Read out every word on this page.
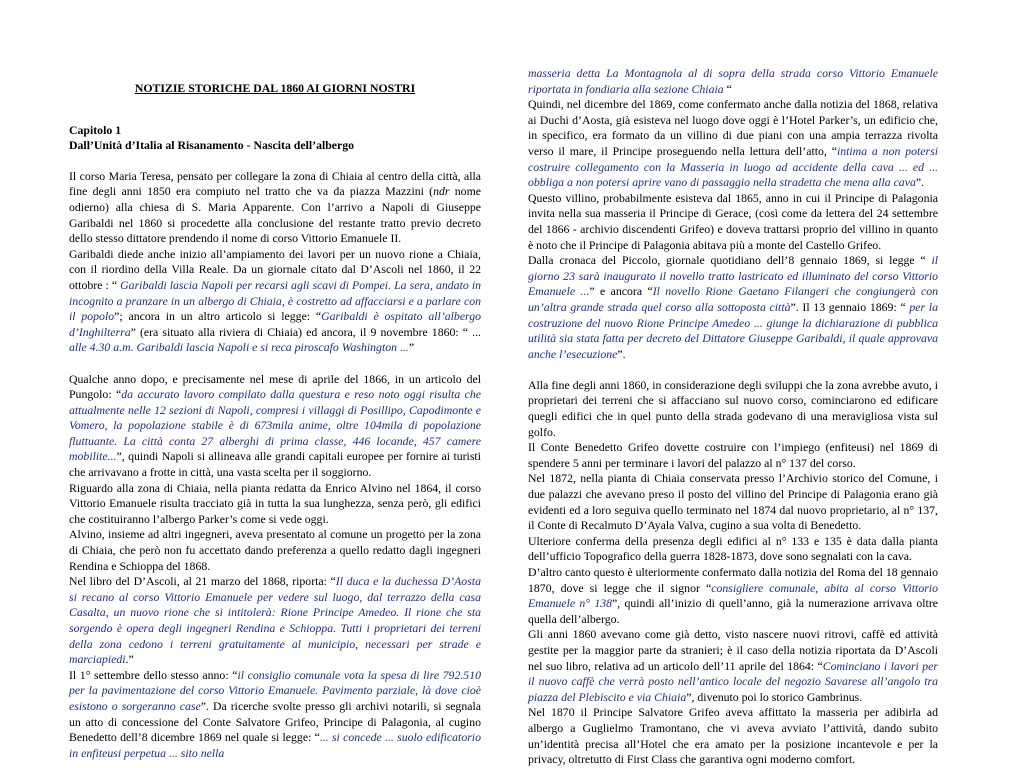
NOTIZIE STORICHE DAL 1860 AI GIORNI NOSTRI
Capitolo 1
Dall’Unità d’Italia al Risanamento - Nascita dell’albergo

Il corso Maria Teresa, pensato per collegare la zona di Chiaia al centro della città, alla fine degli anni 1850 era compiuto nel tratto che va da piazza Mazzini (ndr nome odierno) alla chiesa di S. Maria Apparente. Con l’arrivo a Napoli di Giuseppe Garibaldi nel 1860 si procedette alla conclusione del restante tratto previo decreto dello stesso dittatore prendendo il nome di corso Vittorio Emanuele II.

Garibaldi diede anche inizio all’ampiamento dei lavori per un nuovo rione a Chiaia, con il riordino della Villa Reale. Da un giornale citato dal D’Ascoli nel 1860, il 22 ottobre : “ Garibaldi lascia Napoli per recarsi agli scavi di Pompei. La sera, andato in incognito a pranzare in un albergo di Chiaia, è costretto ad affacciarsi e a parlare con il popolo”; ancora in un altro articolo si legge: “Garibaldi è ospitato all’albergo d’Inghilterra” (era situato alla riviera di Chiaia) ed ancora, il 9 novembre 1860: “ ... alle 4.30 a.m. Garibaldi lascia Napoli e si reca piroscafo Washington ...”

Qualche anno dopo, e precisamente nel mese di aprile del 1866, in un articolo del Pungolo: “da accurato lavoro compilato dalla questura e reso noto oggi risulta che attualmente nelle 12 sezioni di Napoli, compresi i villaggi di Posillipo, Capodimonte e Vomero, la popolazione stabile è di 673mila anime, oltre 104mila di popolazione fluttuante. La città conta 27 alberghi di prima classe, 446 locande, 457 camere mobilite...”, quindi Napoli si allineava alle grandi capitali europee per fornire ai turisti che arrivavano a frotte in città, una vasta scelta per il soggiorno.

Riguardo alla zona di Chiaia, nella pianta redatta da Enrico Alvino nel 1864, il corso Vittorio Emanuele risulta tracciato già in tutta la sua lunghezza, senza però, gli edifici che costituiranno l’albergo Parker’s come si vede oggi.

Alvino, insieme ad altri ingegneri, aveva presentato al comune un progetto per la zona di Chiaia, che però non fu accettato dando preferenza a quello redatto dagli ingegneri Rendina e Schioppa del 1868.

Nel libro del D’Ascoli, al 21 marzo del 1868, riporta: “Il duca e la duchessa D’Aosta si recano al corso Vittorio Emanuele per vedere sul luogo, dal terrazzo della casa Casalta, un nuovo rione che si intitolerà: Rione Principe Amedeo. Il rione che sta sorgendo è opera degli ingegneri Rendina e Schioppa. Tutti i proprietari dei terreni della zona cedono i terreni gratuitamente al municipio, necessari per strade e marciapiedi.”

Il 1° settembre dello stesso anno: “il consiglio comunale vota la spesa di lire 792.510 per la pavimentazione del corso Vittorio Emanuele. Pavimento parziale, là dove cioè esistono o sorgeranno case”. Da ricerche svolte presso gli archivi notarili, si segnala un atto di concessione del Conte Salvatore Grifeo, Principe di Palagonia, al cugino Benedetto dell’8 dicembre 1869 nel quale si legge: “... si concede ... suolo edificatorio in enfiteusi perpetua ... sito nella

masseria detta La Montagnola al di sopra della strada corso Vittorio Emanuele riportata in fondiaria alla sezione Chiaia “

Quindi, nel dicembre del 1869, come confermato anche dalla notizia del 1868, relativa ai Duchi d’Aosta, già esisteva nel luogo dove oggi è l’Hotel Parker’s, un edificio che, in specifico, era formato da un villino di due piani con una ampia terrazza rivolta verso il mare, il Principe proseguendo nella lettura dell’atto, “intima a non potersi costruire collegamento con la Masseria in luogo ad accidente della cava ... ed ... obbliga a non potersi aprire vano di passaggio nella stradetta che mena alla cava”.

Questo villino, probabilmente esisteva dal 1865, anno in cui il Principe di Palagonia invita nella sua masseria il Principe di Gerace, (così come da lettera del 24 settembre del 1866 - archivio discendenti Grifeo) e doveva trattarsi proprio del villino in quanto è noto che il Principe di Palagonia abitava più a monte del Castello Grifeo.

Dalla cronaca del Piccolo, giornale quotidiano dell’8 gennaio 1869, si legge “ il giorno 23 sarà inaugurato il novello tratto lastricato ed illuminato del corso Vittorio Emanuele ...” e ancora “Il novello Rione Gaetano Filangeri che congiungerà con un’altra grande strada quel corso alla sottoposta città”. Il 13 gennaio 1869: “ per la costruzione del nuovo Rione Principe Amedeo ... giunge la dichiarazione di pubblica utilità sia stata fatta per decreto del Dittatore Giuseppe Garibaldi, il quale approvava anche l’esecuzione”.

Alla fine degli anni 1860, in considerazione degli sviluppi che la zona avrebbe avuto, i proprietari dei terreni che si affacciano sul nuovo corso, cominciarono ed edificare quegli edifici che in quel punto della strada godevano di una meravigliosa vista sul golfo.

Il Conte Benedetto Grifeo dovette costruire con l’impiego (enfiteusi) nel 1869 di spendere 5 anni per terminare i lavori del palazzo al n° 137 del corso.

Nel 1872, nella pianta di Chiaia conservata presso l’Archivio storico del Comune, i due palazzi che avevano preso il posto del villino del Principe di Palagonia erano già evidenti ed a loro seguiva quello terminato nel 1874 dal nuovo proprietario, al n° 137, il Conte di Recalmuto D’Ayala Valva, cugino a sua volta di Benedetto.

Ulteriore conferma della presenza degli edifici al n° 133 e 135 è data dalla pianta dell’ufficio Topografico della guerra 1828-1873, dove sono segnalati con la cava.

D’altro canto questo è ulteriormente confermato dalla notizia del Roma del 18 gennaio 1870, dove si legge che il signor “consigliere comunale, abita al corso Vittorio Emanuele n° 138”, quindi all’inizio di quell’anno, già la numerazione arrivava oltre quella dell’albergo.

Gli anni 1860 avevano come già detto, visto nascere nuovi ritrovi, caffè ed attività gestite per la maggior parte da stranieri; è il caso della notizia riportata da D’Ascoli nel suo libro, relativa ad un articolo dell’11 aprile del 1864: “Cominciano i lavori per il nuovo caffè che verrà posto nell’antico locale del negozio Savarese all’angolo tra piazza del Plebiscito e via Chiaia”, divenuto poi lo storico Gambrinus.

Nel 1870 il Principe Salvatore Grifeo aveva affittato la masseria per adibirla ad albergo a Guglielmo Tramontano, che vi aveva avviato l’attività, dando subito un’identità precisa all’Hotel che era amato per la posizione incantevole e per la privacy, oltretutto di First Class che garantiva ogni moderno comfort.
